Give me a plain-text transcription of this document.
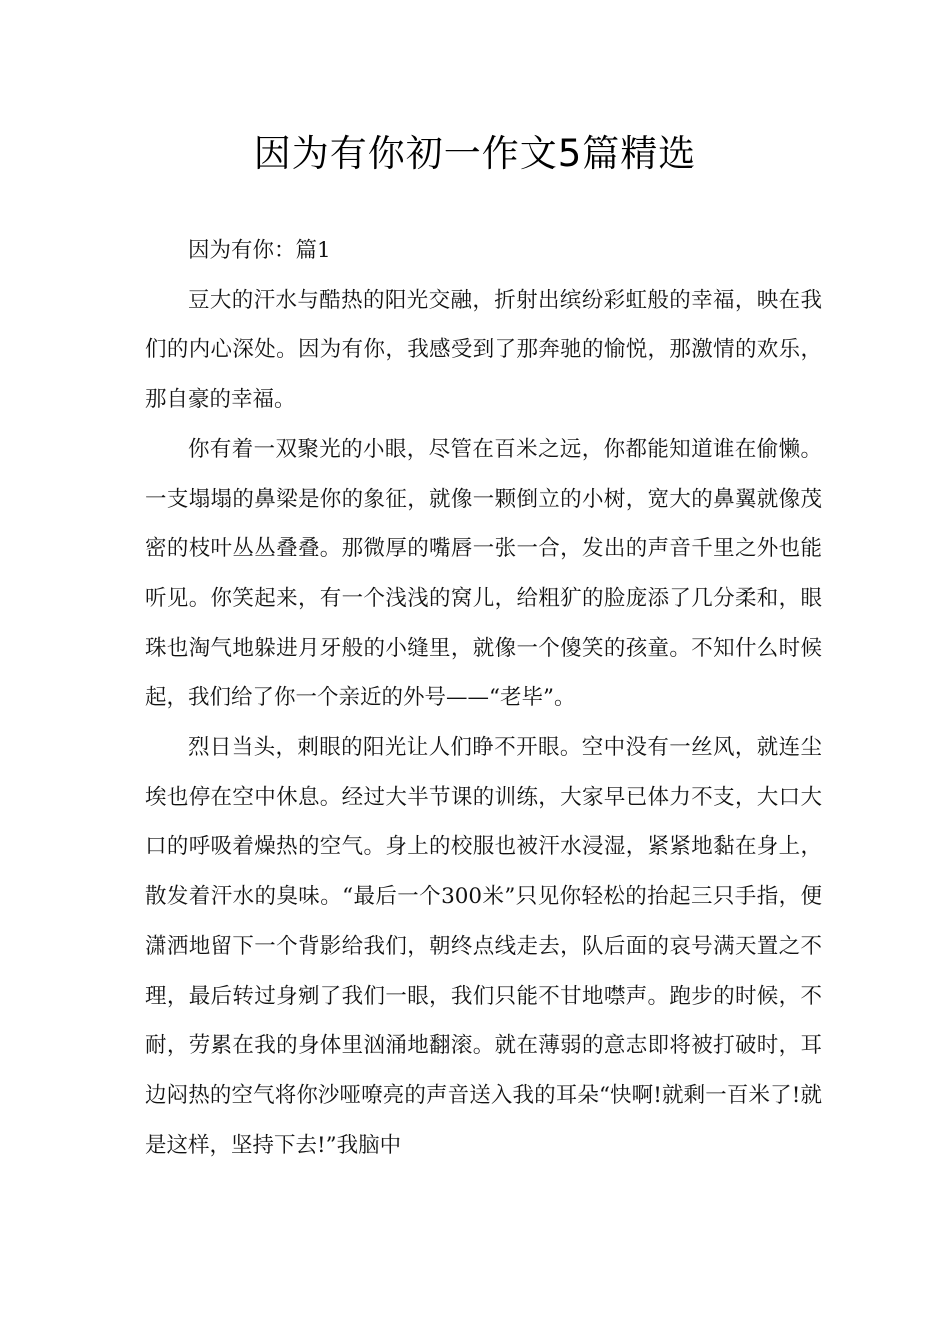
因为有你初一作文5篇精选

因为有你：篇1

豆大的汗水与酷热的阳光交融，折射出缤纷彩虹般的幸福，映在我们的内心深处。因为有你，我感受到了那奔驰的愉悦，那激情的欢乐，那自豪的幸福。

你有着一双聚光的小眼，尽管在百米之远，你都能知道谁在偷懒。一支塌塌的鼻梁是你的象征，就像一颗倒立的小树，宽大的鼻翼就像茂密的枝叶丛丛叠叠。那微厚的嘴唇一张一合，发出的声音千里之外也能听见。你笑起来，有一个浅浅的窝儿，给粗犷的脸庞添了几分柔和，眼珠也淘气地躲进月牙般的小缝里，就像一个傻笑的孩童。不知什么时候起，我们给了你一个亲近的外号——“老毕”。

烈日当头，刺眼的阳光让人们睁不开眼。空中没有一丝风，就连尘埃也停在空中休息。经过大半节课的训练，大家早已体力不支，大口大口的呼吸着燥热的空气。身上的校服也被汗水浸湿，紧紧地黏在身上，散发着汗水的臭味。“最后一个300米”只见你轻松的抬起三只手指，便潇洒地留下一个背影给我们，朝终点线走去，队后面的哀号满天置之不理，最后转过身剜了我们一眼，我们只能不甘地噤声。跑步的时候，不耐，劳累在我的身体里汹涌地翻滚。就在薄弱的意志即将被打破时，耳边闷热的空气将你沙哑嘹亮的声音送入我的耳朵“快啊!就剩一百米了!就是这样，坚持下去!”我脑中
